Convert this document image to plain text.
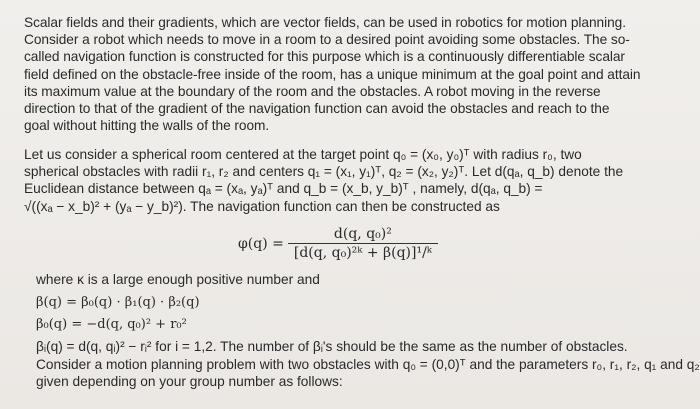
Scalar fields and their gradients, which are vector fields, can be used in robotics for motion planning.
Consider a robot which needs to move in a room to a desired point avoiding some obstacles. The so-
called navigation function is constructed for this purpose which is a continuously differentiable scalar
field defined on the obstacle-free inside of the room, has a unique minimum at the goal point and attain
its maximum value at the boundary of the room and the obstacles. A robot moving in the reverse
direction to that of the gradient of the navigation function can avoid the obstacles and reach to the
goal without hitting the walls of the room.
Let us consider a spherical room centered at the target point q₀ = (x₀, y₀)ᵀ with radius r₀, two
spherical obstacles with radii r₁, r₂ and centers q₁ = (x₁, y₁)ᵀ, q₂ = (x₂, y₂)ᵀ. Let d(qₐ, q_b) denote the
Euclidean distance between qₐ = (xₐ, yₐ)ᵀ and q_b = (x_b, y_b)ᵀ , namely, d(qₐ, q_b) =
√((xₐ − x_b)² + (yₐ − y_b)²). The navigation function can then be constructed as
$\varphi(q) = \frac{\text{d(q, q₀)²}}{\text{[d(q, q₀)²ᵏ + β(q)]¹/ᵏ}}$
where κ is a large enough positive number and
β(q) = β₀(q) · β₁(q) · β₂(q)
β₀(q) = −d(q, q₀)² + r₀²
βᵢ(q) = d(q, qᵢ)² − rᵢ² for i = 1,2. The number of βᵢ's should be the same as the number of obstacles.
Consider a motion planning problem with two obstacles with q₀ = (0,0)ᵀ and the parameters r₀, r₁, r₂, q₁ and q₂
given depending on your group number as follows:
